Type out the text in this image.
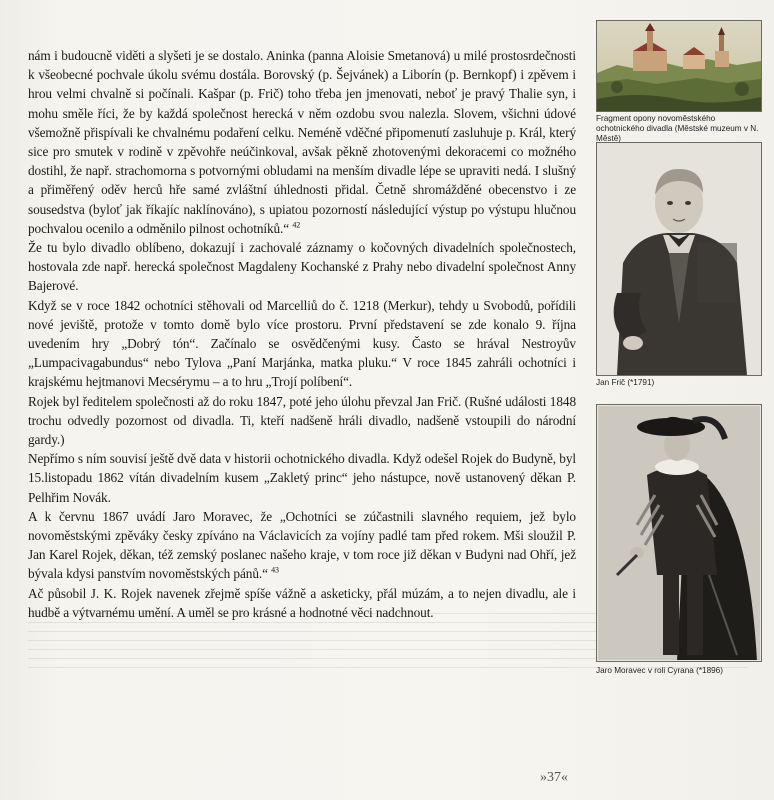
nám i budoucně viděti a slyšeti je se dostalo. Aninka (panna Aloisie Smetanová) u milé prostosrdečnosti k všeobecné pochvale úkolu svému dostála. Borovský (p. Šejvánek) a Liborín (p. Bernkopf) i zpěvem i hrou velmi chvalně si počínali. Kašpar (p. Frič) toho třeba jen jmenovati, neboť je pravý Thalie syn, i mohu směle říci, že by každá společnost herecká v něm ozdobu svou nalezla. Slovem, všichni údové všemožně přispívali ke chvalnému podaření celku. Neméně vděčné připomenutí zasluhuje p. Král, který sice pro smutek v rodině v zpěvohře neúčinkoval, avšak pěkně zhotovenými dekoracemi co možného dostihl, že např. strachomorna s potvornými obludami na menším divadle lépe se upraviti nedá. I slušný a přiměřený oděv herců hře samé zvláštní úhlednosti přidal. Četně shromážděné obecenstvo i ze sousedstva (byloť jak říkajíc naklínováno), s upiatou pozorností následující výstup po výstupu hlučnou pochvalou ocenilo a odměnilo pilnost ochotníků.“ $^{42}$

Že tu bylo divadlo oblíbeno, dokazují i zachovalé záznamy o kočovných divadelních společnostech, hostovala zde např. herecká společnost Magdaleny Kochanské z Prahy nebo divadelní společnost Anny Bajerové.

Když se v roce 1842 ochotníci stěhovali od Marcelliů do č. 1218 (Merkur), tehdy u Svobodů, pořídili nové jeviště, protože v tomto domě bylo více prostoru. První představení se zde konalo 9. října uvedením hry „Dobrý tón“. Začínalo se osvědčenými kusy. Často se hrával Nestroyův „Lumpacivagabundus“ nebo Tylova „Paní Marjánka, matka pluku.“ V roce 1845 zahráli ochotníci i krajskému hejtmanovi Mecsérymu – a to hru „Trojí políbení“.

Rojek byl ředitelem společnosti až do roku 1847, poté jeho úlohu převzal Jan Frič. (Rušné události 1848 trochu odvedly pozornost od divadla. Ti, kteří nadšeně hráli divadlo, nadšeně vstoupili do národní gardy.)

Nepřímo s ním souvisí ještě dvě data v historii ochotnického divadla. Když odešel Rojek do Budyně, byl 15.listopadu 1862 vítán divadelním kusem „Zakletý princ“ jeho nástupce, nově ustanovený děkan P. Pelhřim Novák.

A k červnu 1867 uvádí Jaro Moravec, že „Ochotníci se zúčastnili slavného requiem, jež bylo novoměstskými zpěváky česky zpíváno na Václavicích za vojíny padlé tam před rokem. Mši sloužil P. Jan Karel Rojek, děkan, též zemský poslanec našeho kraje, v tom roce již děkan v Budyni nad Ohří, jež bývala kdysi panstvím novoměstských pánů.“ $^{43}$

Ač působil J. K. Rojek navenek zřejmě spíše vážně a asketicky, přál múzám, a to nejen divadlu, ale i hudbě a výtvarnému umění. A uměl se pro krásné a hodnotné věci nadchnout.

Fragment opony novoměstského ochotnického divadla (Městské muzeum v N. Městě)
Jan Frič (*1791)
Jaro Moravec v roli Cyrana (*1896)
»37«
